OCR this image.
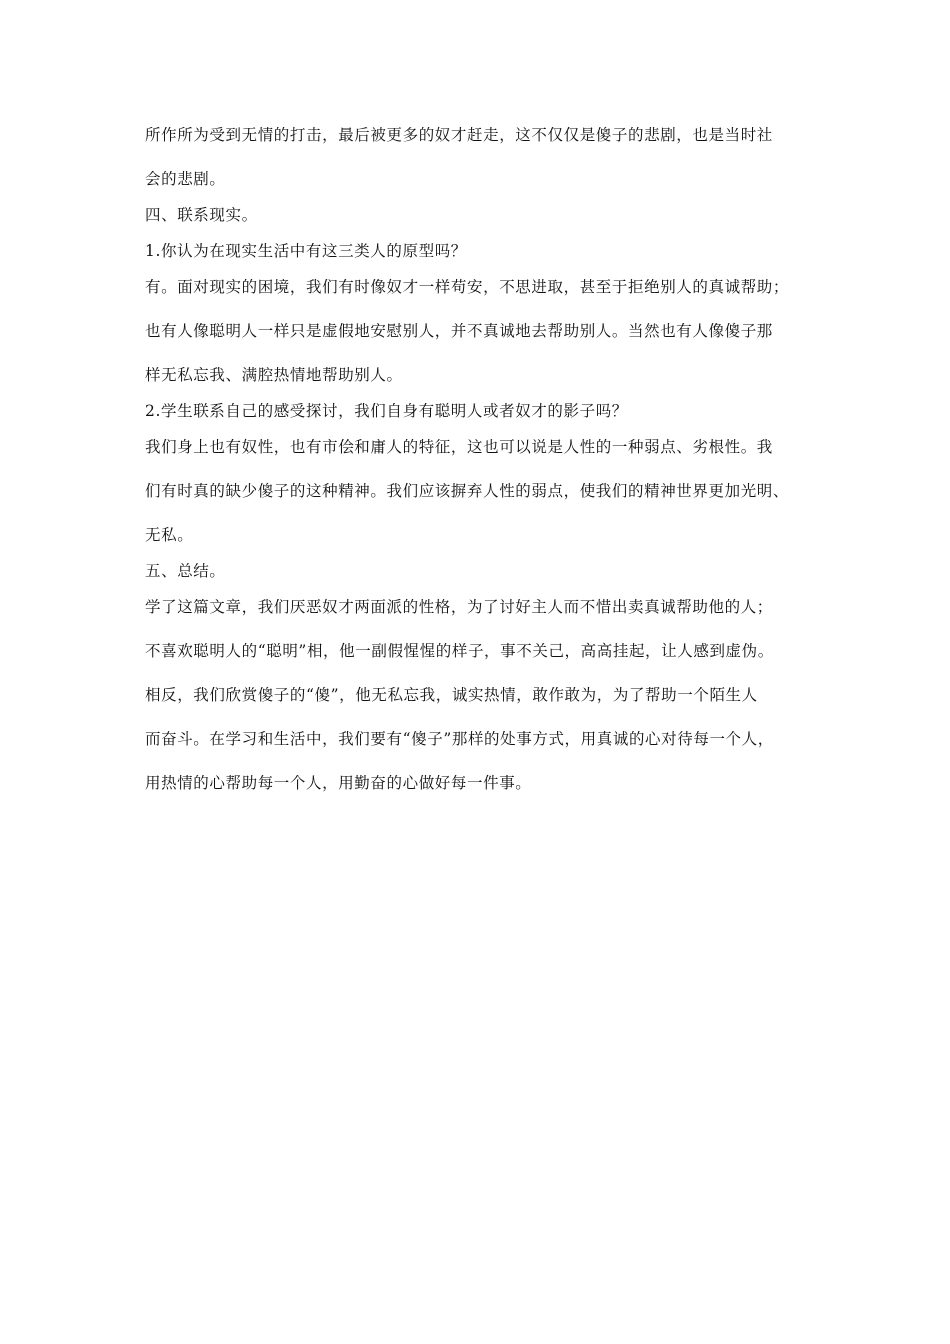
所作所为受到无情的打击，最后被更多的奴才赶走，这不仅仅是傻子的悲剧，也是当时社
会的悲剧。
四、联系现实。
1.你认为在现实生活中有这三类人的原型吗？
有。面对现实的困境，我们有时像奴才一样苟安，不思进取，甚至于拒绝别人的真诚帮助；
也有人像聪明人一样只是虚假地安慰别人，并不真诚地去帮助别人。当然也有人像傻子那
样无私忘我、满腔热情地帮助别人。
2.学生联系自己的感受探讨，我们自身有聪明人或者奴才的影子吗？
我们身上也有奴性，也有市侩和庸人的特征，这也可以说是人性的一种弱点、劣根性。我
们有时真的缺少傻子的这种精神。我们应该摒弃人性的弱点，使我们的精神世界更加光明、
无私。
五、总结。
学了这篇文章，我们厌恶奴才两面派的性格，为了讨好主人而不惜出卖真诚帮助他的人；
不喜欢聪明人的“聪明”相，他一副假惺惺的样子，事不关己，高高挂起，让人感到虚伪。
相反，我们欣赏傻子的“傻”，他无私忘我，诚实热情，敢作敢为，为了帮助一个陌生人
而奋斗。在学习和生活中，我们要有“傻子”那样的处事方式，用真诚的心对待每一个人，
用热情的心帮助每一个人，用勤奋的心做好每一件事。
